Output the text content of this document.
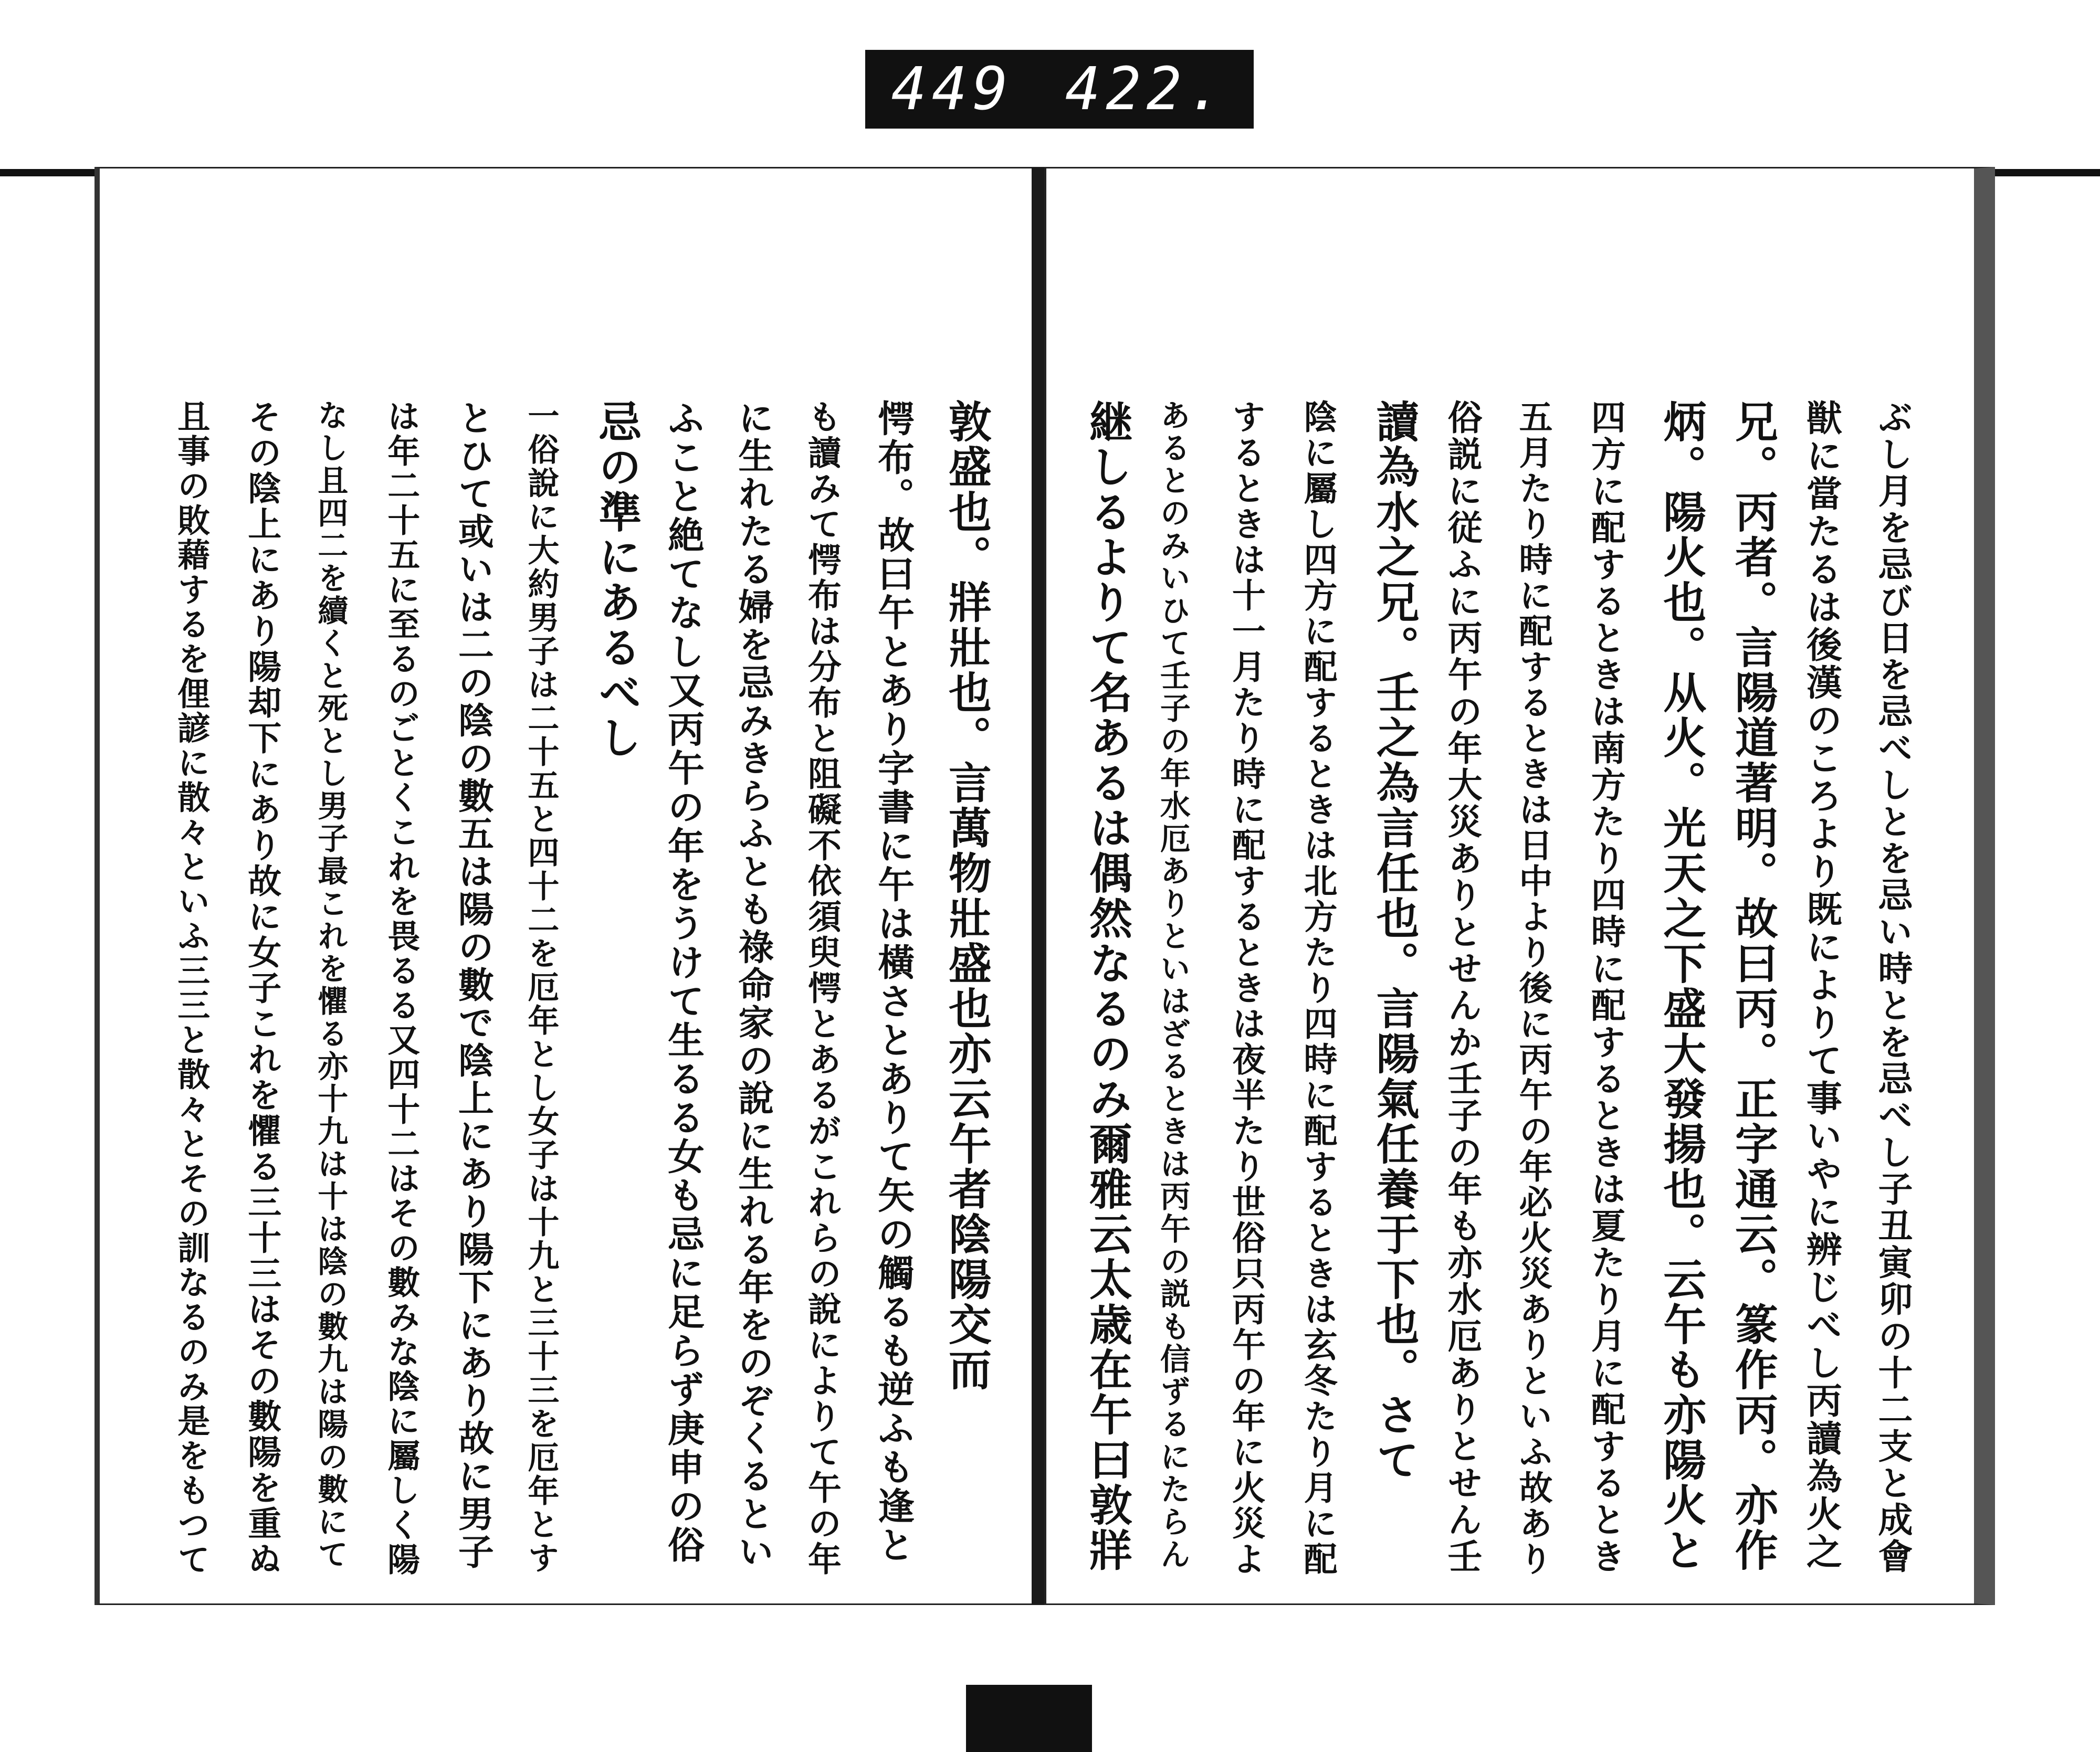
449 422.
敦盛也。牂壯也。言萬物壯盛也亦云午者陰陽交而
愕布。故曰午とあり字書に午は橫さとありて矢の觸るも逆ふも逢と
も讀みて愕布は分布と阻礙不依須臾愕とあるがこれらの說によりて午の年
に生れたる婦を忌みきらふとも祿命家の說に生れる年をのぞくるとい
ふこと絶てなし又丙午の年をうけて生るる女も忌に足らず庚申の俗
忌の準にあるべし
一俗說に大約男子は二十五と四十二を厄年とし女子は十九と三十三を厄年とす
とひて或いは二の陰の數五は陽の數で陰上にあり陽下にあり故に男子
は年二十五に至るのごとくこれを畏るる又四十二はその數みな陰に屬しく陽
なし且四二を續くと死とし男子最これを懼る亦十九は十は陰の數九は陽の數にて
その陰上にあり陽却下にあり故に女子これを懼る三十三はその數陽を重ぬ
且事の敗藉するを俚諺に散々といふ三三と散々とその訓なるのみ是をもつて	ぶし月を忌び日を忌べしとを忌い時とを忌べし子丑寅卯の十二支と成會
獣に當たるは後漢のころより既によりて事いやに辨じべし丙讀為火之
兄。丙者。言陽道著明。故曰丙。正字通云。篆作丙。亦作
炳。陽火也。从火。光天之下盛大發揚也。云午も亦陽火と
四方に配するときは南方たり四時に配するときは夏たり月に配するとき
五月たり時に配するときは日中より後に丙午の年必火災ありといふ故あり
俗説に従ふに丙午の年大災ありとせんか壬子の年も亦水厄ありとせん壬
讀為水之兄。壬之為言任也。言陽氣任養于下也。さて
陰に屬し四方に配するときは北方たり四時に配するときは玄冬たり月に配
するときは十一月たり時に配するときは夜半たり世俗只丙午の年に火災よ
あるとのみいひて壬子の年水厄ありといはざるときは丙午の説も信ずるにたらん
継しるよりて名あるは偶然なるのみ爾雅云太歳在午曰敦牂
